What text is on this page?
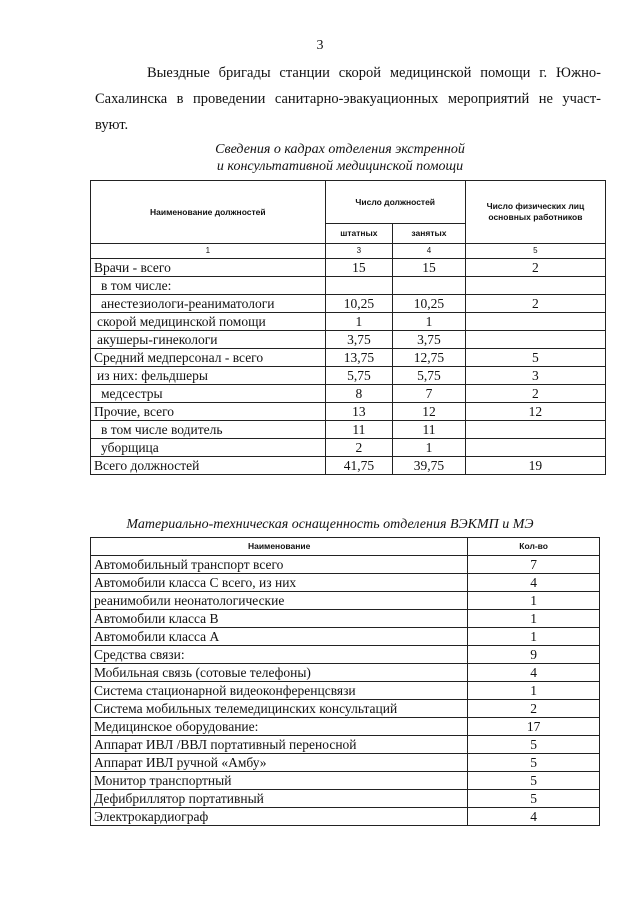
3
Выездные бригады станции скорой медицинской помощи г. Южно-
Сахалинска в проведении санитарно-эвакуационных мероприятий не участ-
вуют.
Сведения о кадрах отделения экстренной
и консультативной медицинской помощи
Наименование должностей	Число должностей		Число физических лиц основных работников
	штатных	занятых	
1	3	4	5
Врачи - всего	15	15	2
в том числе:			
анестезиологи-реаниматологи	10,25	10,25	2
скорой медицинской помощи	1	1	
акушеры-гинекологи	3,75	3,75	
Средний медперсонал - всего	13,75	12,75	5
из них: фельдшеры	5,75	5,75	3
медсестры	8	7	2
Прочие, всего	13	12	12
в том числе водитель	11	11	
уборщица	2	1	
Всего должностей	41,75	39,75	19
Материально-техническая оснащенность отделения ВЭКМП и МЭ
Наименование	Кол-во
Автомобильный транспорт всего	7
Автомобили класса С всего, из них	4
реанимобили неонатологические	1
Автомобили класса В	1
Автомобили класса А	1
Средства связи:	9
Мобильная связь (сотовые телефоны)	4
Система стационарной видеоконференцсвязи	1
Система мобильных телемедицинских консультаций	2
Медицинское оборудование:	17
Аппарат ИВЛ /ВВЛ портативный переносной	5
Аппарат ИВЛ ручной «Амбу»	5
Монитор транспортный	5
Дефибриллятор портативный	5
Электрокардиограф	4
